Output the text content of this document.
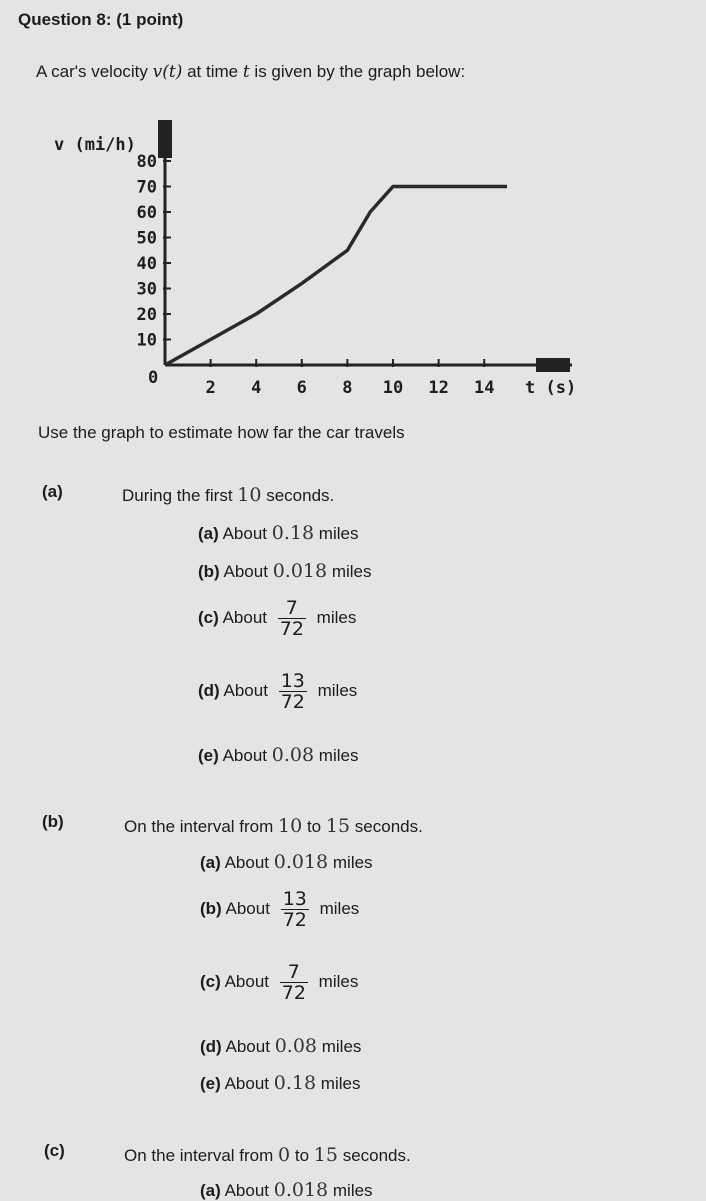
Question 8: (1 point)
A car's velocity v(t) at time t is given by the graph below:
80
70
60
50
40
30
20
10
2 4 6 8 10 12 14
v (mi/h)
t (s)
0
Use the graph to estimate how far the car travels
(a)	During the first 10 seconds.
(a) About 0.18 miles
(b) About 0.018 miles
(c) About $\frac{7}{72}$ miles
(d) About $\frac{13}{72}$ miles
(e) About 0.08 miles
(b)	On the interval from 10 to 15 seconds.
(a) About 0.018 miles
(b) About $\frac{13}{72}$ miles
(c) About $\frac{7}{72}$ miles
(d) About 0.08 miles
(e) About 0.18 miles
(c)	On the interval from 0 to 15 seconds.
(a) About 0.018 miles
